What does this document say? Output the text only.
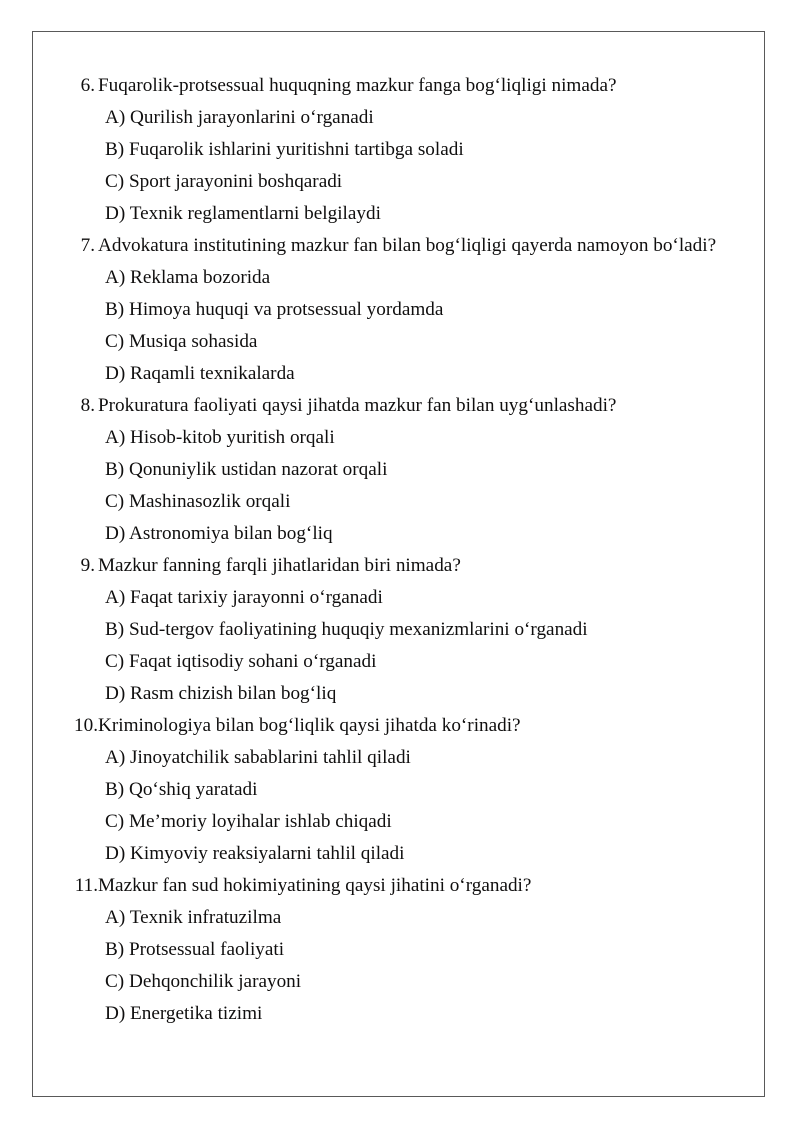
6. Fuqarolik-protsessual huquqning mazkur fanga bogʻliqligi nimada?
A) Qurilish jarayonlarini oʻrganadi
B) Fuqarolik ishlarini yuritishni tartibga soladi
C) Sport jarayonini boshqaradi
D) Texnik reglamentlarni belgilaydi
7. Advokatura institutining mazkur fan bilan bogʻliqligi qayerda namoyon boʻladi?
A) Reklama bozorida
B) Himoya huquqi va protsessual yordamda
C) Musiqa sohasida
D) Raqamli texnikalarda
8. Prokuratura faoliyati qaysi jihatda mazkur fan bilan uygʻunlashadi?
A) Hisob-kitob yuritish orqali
B) Qonuniylik ustidan nazorat orqali
C) Mashinasozlik orqali
D) Astronomiya bilan bogʻliq
9. Mazkur fanning farqli jihatlaridan biri nimada?
A) Faqat tarixiy jarayonni oʻrganadi
B) Sud-tergov faoliyatining huquqiy mexanizmlarini oʻrganadi
C) Faqat iqtisodiy sohani oʻrganadi
D) Rasm chizish bilan bogʻliq
10. Kriminologiya bilan bogʻliqlik qaysi jihatda koʻrinadi?
A) Jinoyatchilik sabablarini tahlil qiladi
B) Qoʻshiq yaratadi
C) Me’moriy loyihalar ishlab chiqadi
D) Kimyoviy reaksiyalarni tahlil qiladi
11. Mazkur fan sud hokimiyatining qaysi jihatini oʻrganadi?
A) Texnik infratuzilma
B) Protsessual faoliyati
C) Dehqonchilik jarayoni
D) Energetika tizimi
